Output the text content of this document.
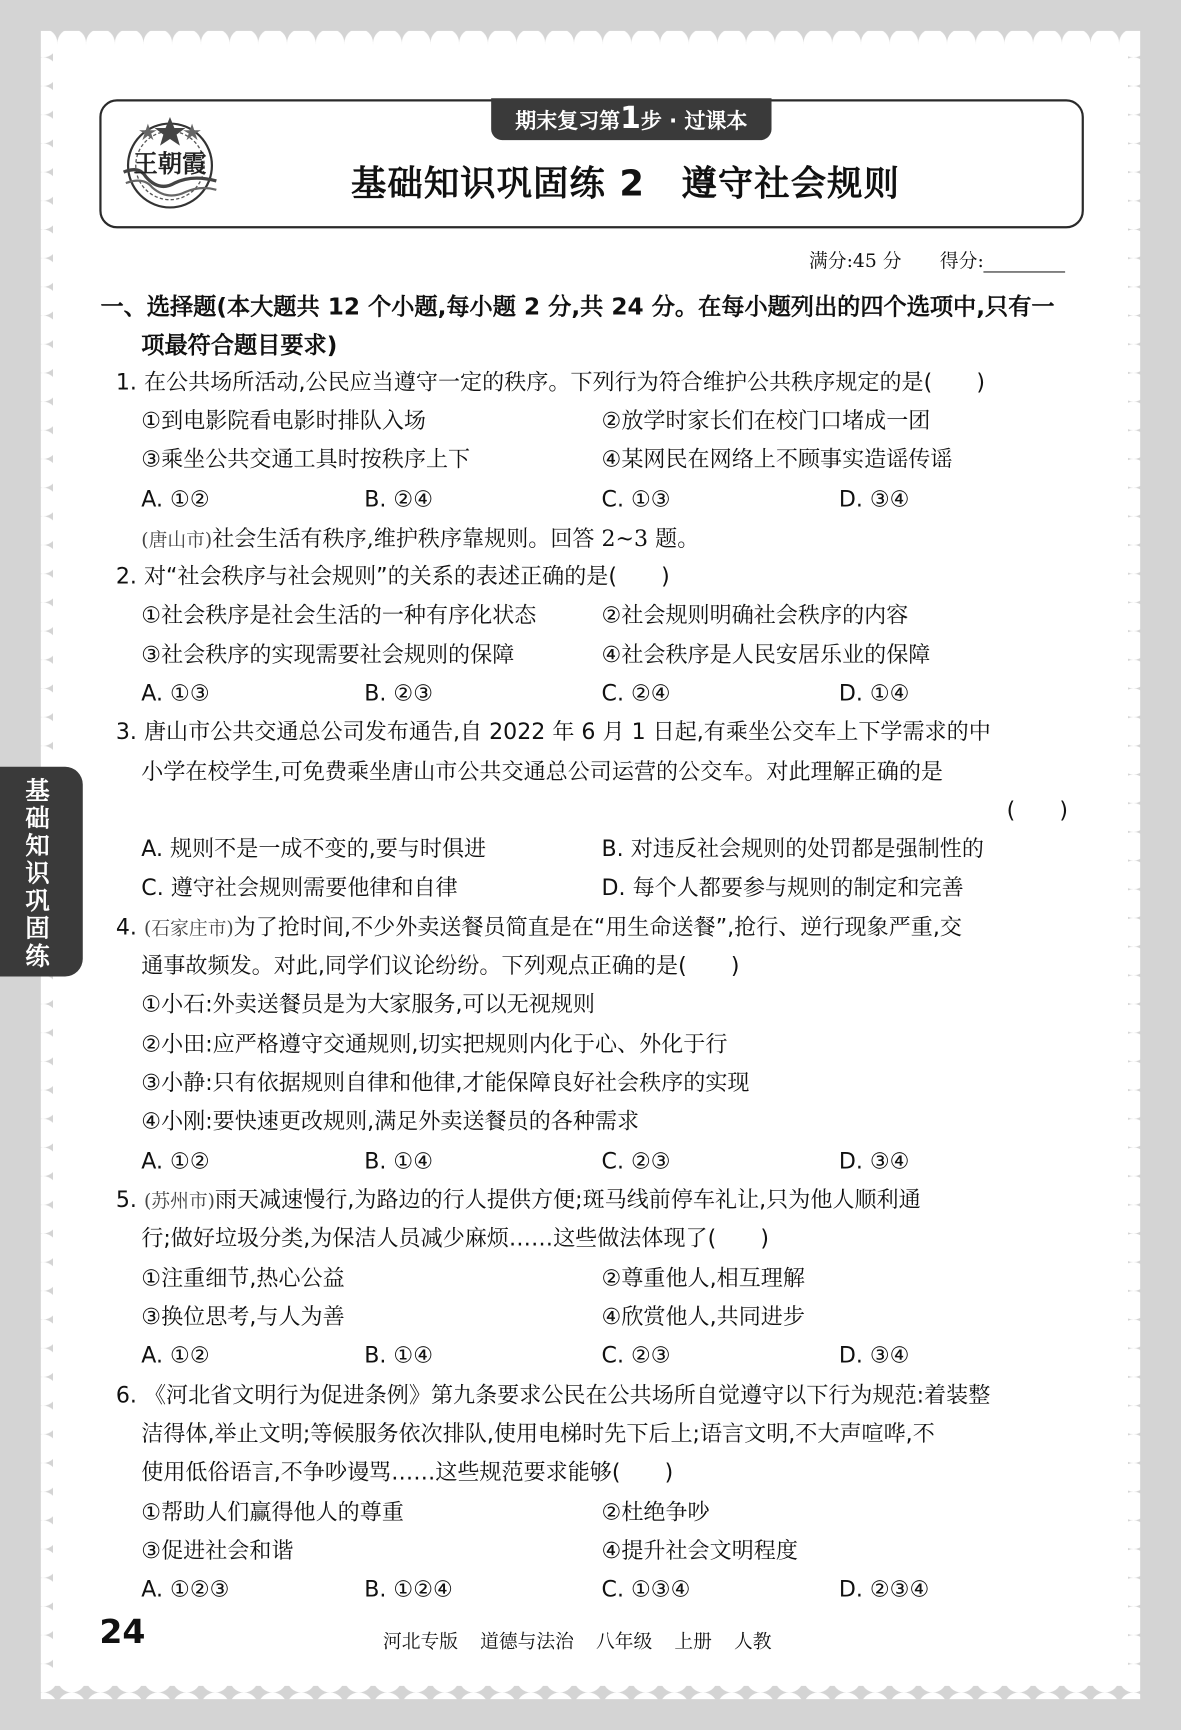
期末复习第1步 · 过课本
王朝霞	基础知识巩固练 2　遵守社会规则
满分:45 分 得分:
基础知识巩固练
一、选择题(本大题共 12 个小题,每小题 2 分,共 24 分。在每小题列出的四个选项中,只有一
项最符合题目要求)
1. 在公共场所活动,公民应当遵守一定的秩序。下列行为符合维护公共秩序规定的是(　　)
①到电影院看电影时排队入场	②放学时家长们在校门口堵成一团
③乘坐公共交通工具时按秩序上下	④某网民在网络上不顾事实造谣传谣
A. ①②	B. ②④	C. ①③	D. ③④
(唐山市)社会生活有秩序,维护秩序靠规则。回答 2~3 题。
2. 对“社会秩序与社会规则”的关系的表述正确的是(　　)
①社会秩序是社会生活的一种有序化状态	②社会规则明确社会秩序的内容
③社会秩序的实现需要社会规则的保障	④社会秩序是人民安居乐业的保障
A. ①③	B. ②③	C. ②④	D. ①④
3. 唐山市公共交通总公司发布通告,自 2022 年 6 月 1 日起,有乘坐公交车上下学需求的中
小学在校学生,可免费乘坐唐山市公共交通总公司运营的公交车。对此理解正确的是
(　　)
A. 规则不是一成不变的,要与时俱进	B. 对违反社会规则的处罚都是强制性的
C. 遵守社会规则需要他律和自律	D. 每个人都要参与规则的制定和完善
4. (石家庄市)为了抢时间,不少外卖送餐员简直是在“用生命送餐”,抢行、逆行现象严重,交
通事故频发。对此,同学们议论纷纷。下列观点正确的是(　　)
①小石:外卖送餐员是为大家服务,可以无视规则
②小田:应严格遵守交通规则,切实把规则内化于心、外化于行
③小静:只有依据规则自律和他律,才能保障良好社会秩序的实现
④小刚:要快速更改规则,满足外卖送餐员的各种需求
A. ①②	B. ①④	C. ②③	D. ③④
5. (苏州市)雨天减速慢行,为路边的行人提供方便;斑马线前停车礼让,只为他人顺利通
行;做好垃圾分类,为保洁人员减少麻烦……这些做法体现了(　　)
①注重细节,热心公益	②尊重他人,相互理解
③换位思考,与人为善	④欣赏他人,共同进步
A. ①②	B. ①④	C. ②③	D. ③④
6. 《河北省文明行为促进条例》第九条要求公民在公共场所自觉遵守以下行为规范:着装整
洁得体,举止文明;等候服务依次排队,使用电梯时先下后上;语言文明,不大声喧哗,不
使用低俗语言,不争吵谩骂……这些规范要求能够(　　)
①帮助人们赢得他人的尊重	②杜绝争吵
③促进社会和谐	④提升社会文明程度
A. ①②③	B. ①②④	C. ①③④	D. ②③④
24	河北专版 道德与法治 八年级 上册 人教
